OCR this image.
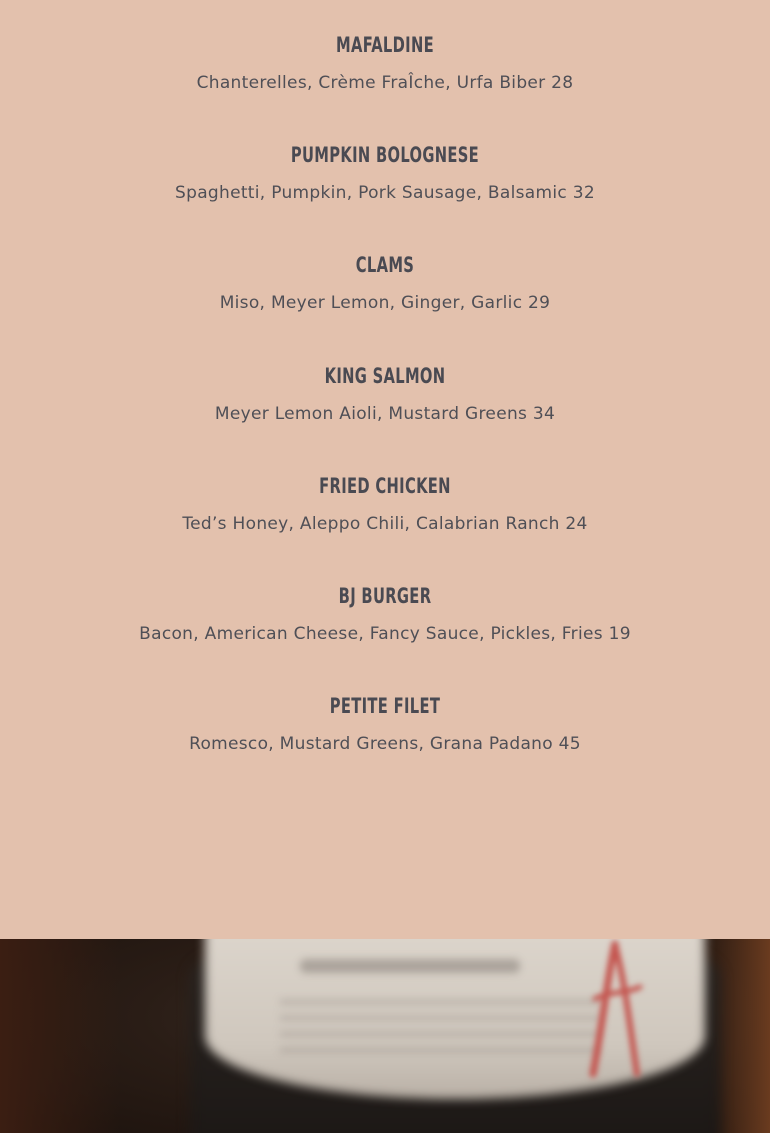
MAFALDINE
Chanterelles, Crème FraÎche, Urfa Biber 28
PUMPKIN BOLOGNESE
Spaghetti, Pumpkin, Pork Sausage, Balsamic 32
CLAMS
Miso, Meyer Lemon, Ginger, Garlic 29
KING SALMON
Meyer Lemon Aioli, Mustard Greens 34
FRIED CHICKEN
Ted’s Honey, Aleppo Chili, Calabrian Ranch 24
BJ BURGER
Bacon, American Cheese, Fancy Sauce, Pickles, Fries 19
PETITE FILET
Romesco, Mustard Greens, Grana Padano 45
